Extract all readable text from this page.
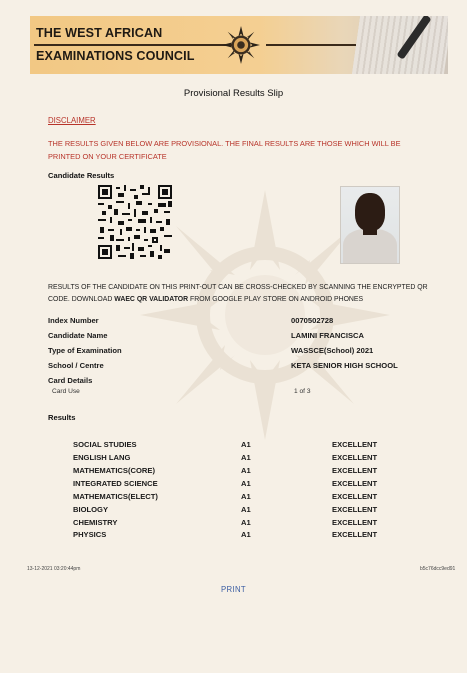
THE WEST AFRICAN
EXAMINATIONS COUNCIL
Provisional Results Slip
DISCLAIMER
THE RESULTS GIVEN BELOW ARE PROVISIONAL. THE FINAL RESULTS ARE THOSE WHICH WILL BE PRINTED ON YOUR CERTIFICATE
Candidate Results
RESULTS OF THE CANDIDATE ON THIS PRINT-OUT CAN BE CROSS-CHECKED BY SCANNING THE ENCRYPTED QR CODE. DOWNLOAD WAEC QR VALIDATOR FROM GOOGLE PLAY STORE ON ANDROID PHONES
Index Number	0070502728
Candidate Name	LAMINI FRANCISCA
Type of Examination	WASSCE(School) 2021
School / Centre	KETA SENIOR HIGH SCHOOL
Card Details
Card Use	1 of 3
Results
SOCIAL STUDIES	A1	EXCELLENT
ENGLISH LANG	A1	EXCELLENT
MATHEMATICS(CORE)	A1	EXCELLENT
INTEGRATED SCIENCE	A1	EXCELLENT
MATHEMATICS(ELECT)	A1	EXCELLENT
BIOLOGY	A1	EXCELLENT
CHEMISTRY	A1	EXCELLENT
PHYSICS	A1	EXCELLENT
13-12-2021 03:20:44pm	b5c76dcc9ed91
PRINT
